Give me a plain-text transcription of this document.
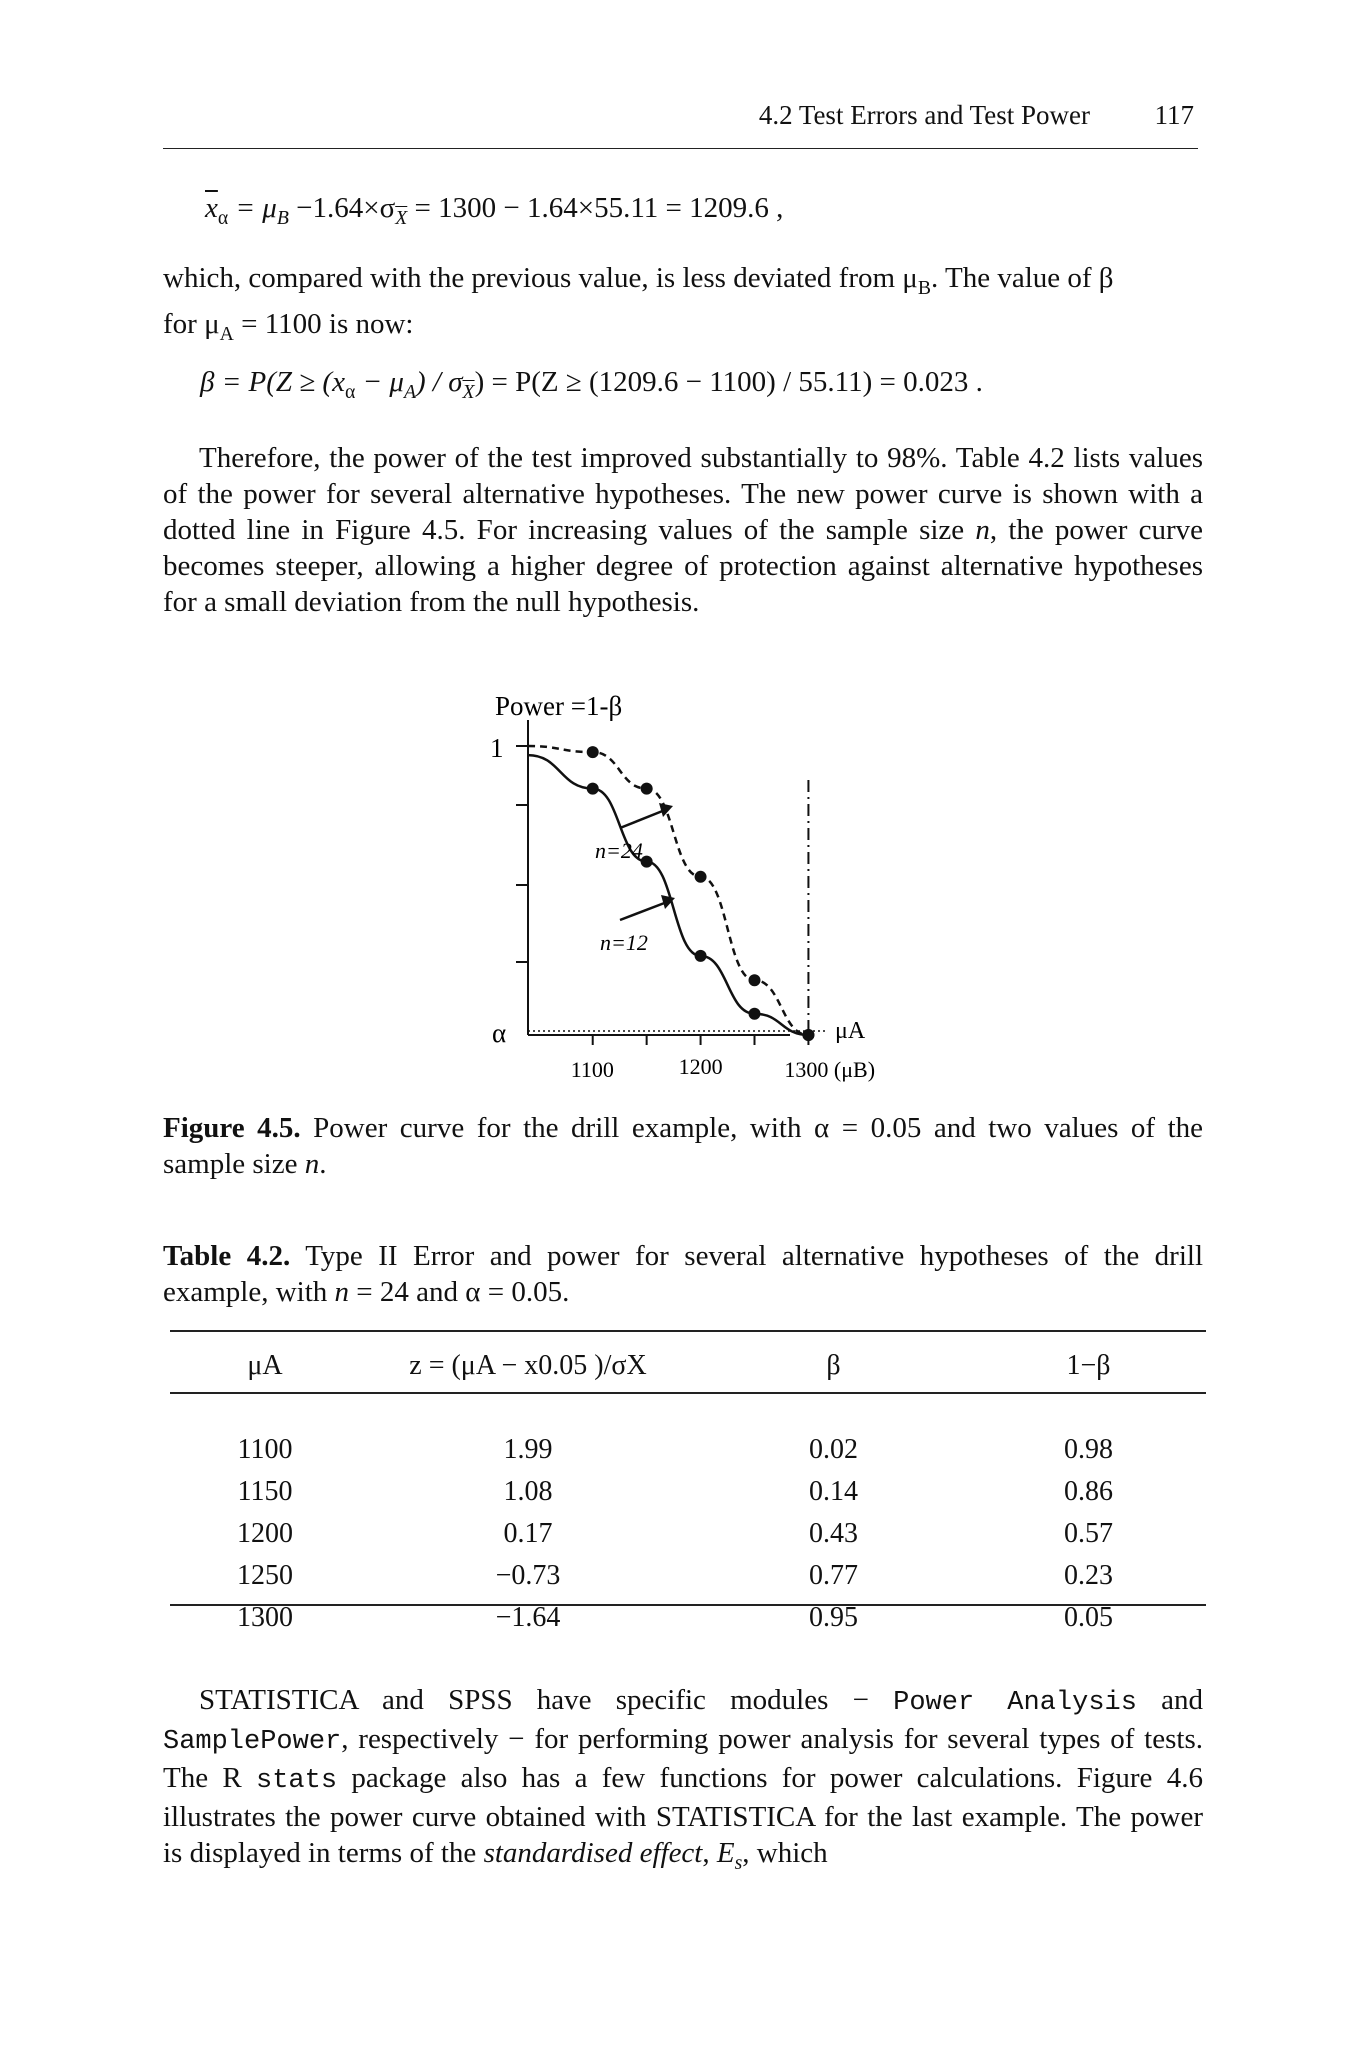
4.2 Test Errors and Test Power 117
$\overline{x}_\alpha = \mu_B -1.64\times\sigma_{\overline{X}} = 1300 - 1.64\times 55.11 = 1209.6$ ,

which, compared with the previous value, is less deviated from $\mu_B$. The value of β

for $\mu_A = 1100$ is now:

$\beta = P(Z \ge (x_\alpha - \mu_A) / \sigma_{\overline{X}}) = P(Z \ge (1209.6 - 1100) / 55.11) = 0.023$ .

Therefore, the power of the test improved substantially to 98%. Table 4.2 lists values of the power for several alternative hypotheses. The new power curve is shown with a dotted line in Figure 4.5. For increasing values of the sample size n, the power curve becomes steeper, allowing a higher degree of protection against alternative hypotheses for a small deviation from the null hypothesis.

Power =1-β
1
α
1100	1200	1300 (μB)
μA
n=24
n=12
Figure 4.5. Power curve for the drill example, with α = 0.05 and two values of the sample size n.
Table 4.2. Type II Error and power for several alternative hypotheses of the drill example, with n = 24 and α = 0.05.
μA	z = (μA − x0.05 )/σX	β	1−β

1100	1.99	0.02	0.98
1150	1.08	0.14	0.86
1200	0.17	0.43	0.57
1250	−0.73	0.77	0.23
1300	−1.64	0.95	0.05

STATISTICA and SPSS have specific modules − Power Analysis and SamplePower, respectively − for performing power analysis for several types of tests. The R stats package also has a few functions for power calculations. Figure 4.6 illustrates the power curve obtained with STATISTICA for the last example. The power is displayed in terms of the standardised effect, $E_s$, which
